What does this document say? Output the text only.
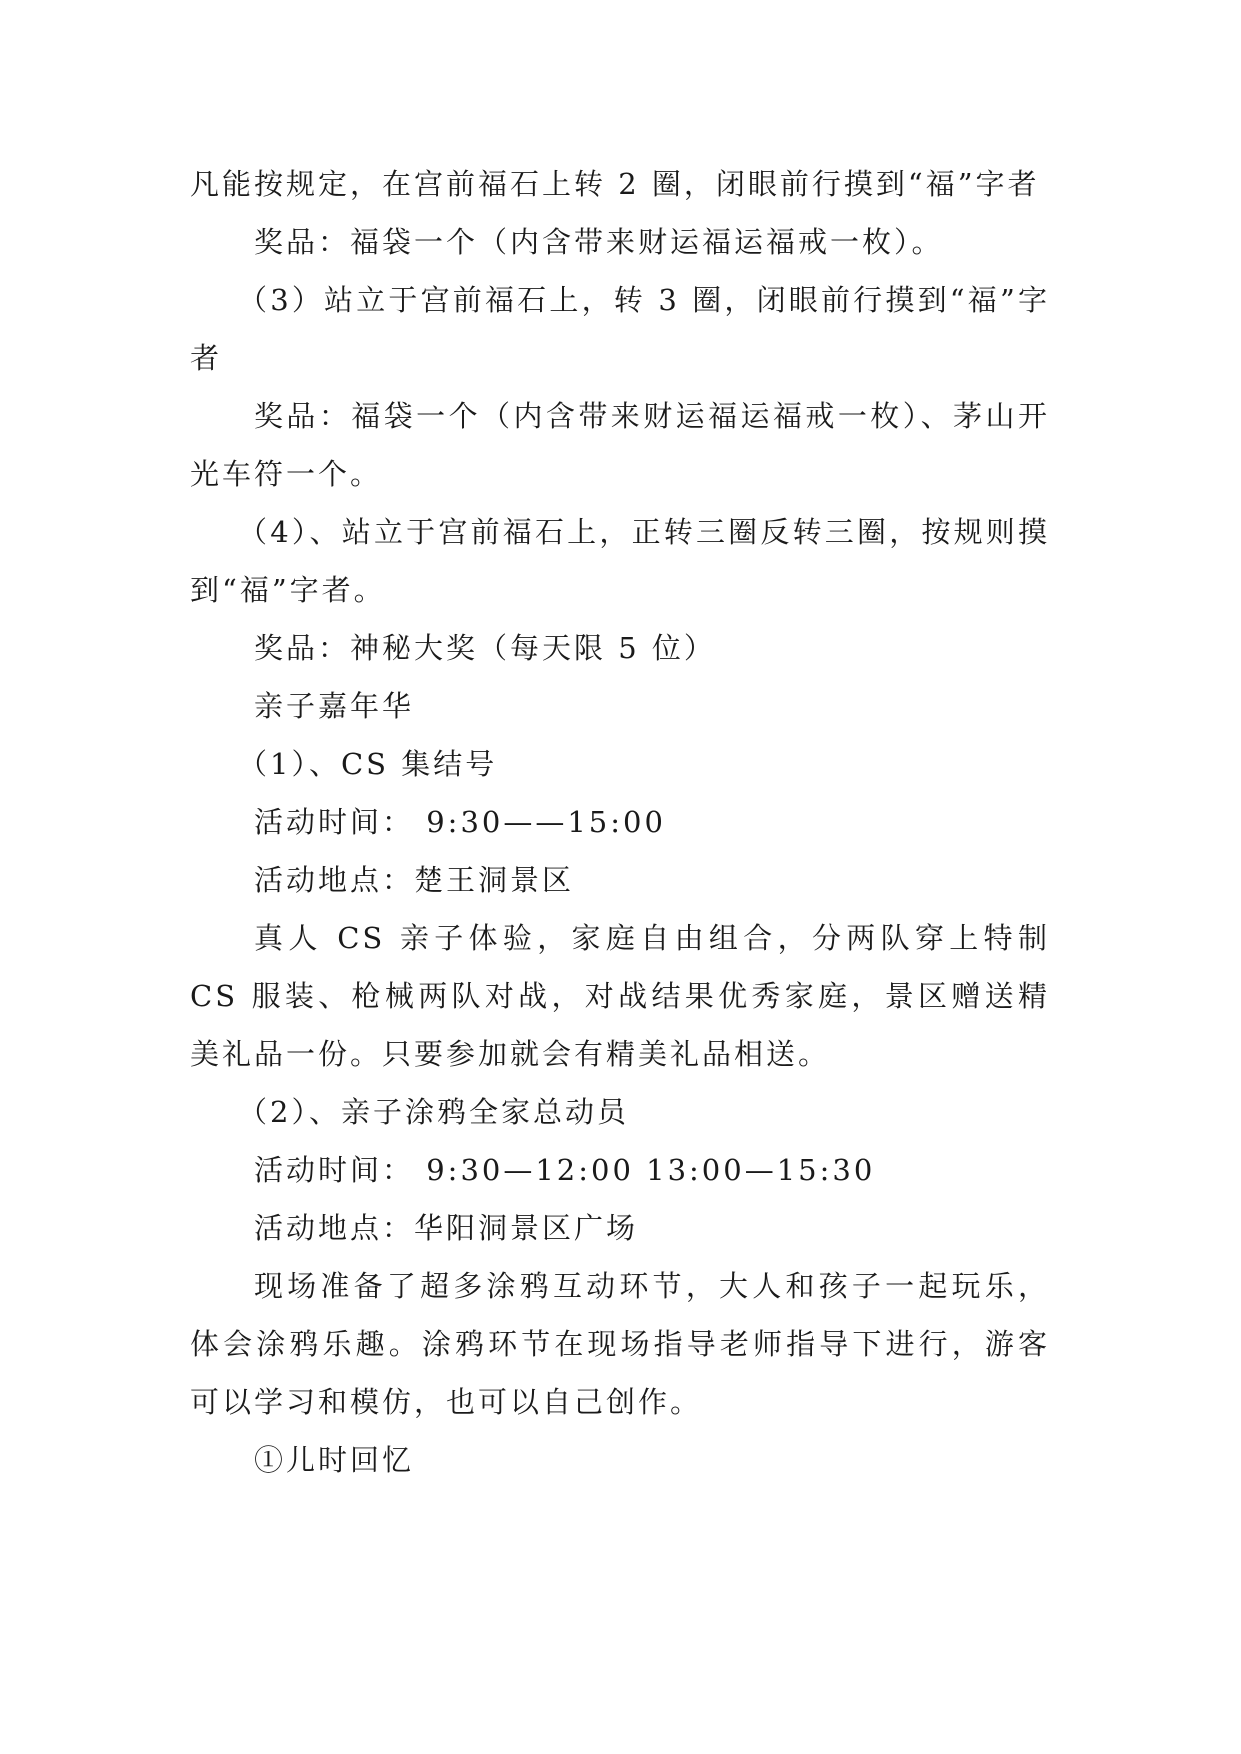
凡能按规定，在宫前福石上转 2 圈，闭眼前行摸到“福”字者

奖品：福袋一个（内含带来财运福运福戒一枚）。

（3）站立于宫前福石上，转 3 圈，闭眼前行摸到“福”字者

奖品：福袋一个（内含带来财运福运福戒一枚）、茅山开光车符一个。

（4）、站立于宫前福石上，正转三圈反转三圈，按规则摸到“福”字者。

奖品：神秘大奖（每天限 5 位）

亲子嘉年华

（1）、CS 集结号

活动时间： 9:30——15:00

活动地点：楚王洞景区

真人 CS 亲子体验，家庭自由组合，分两队穿上特制 CS 服装、枪械两队对战，对战结果优秀家庭，景区赠送精美礼品一份。只要参加就会有精美礼品相送。

（2）、亲子涂鸦全家总动员

活动时间： 9:30—12:00 13:00—15:30

活动地点：华阳洞景区广场

现场准备了超多涂鸦互动环节，大人和孩子一起玩乐，体会涂鸦乐趣。涂鸦环节在现场指导老师指导下进行，游客可以学习和模仿，也可以自己创作。

①儿时回忆
